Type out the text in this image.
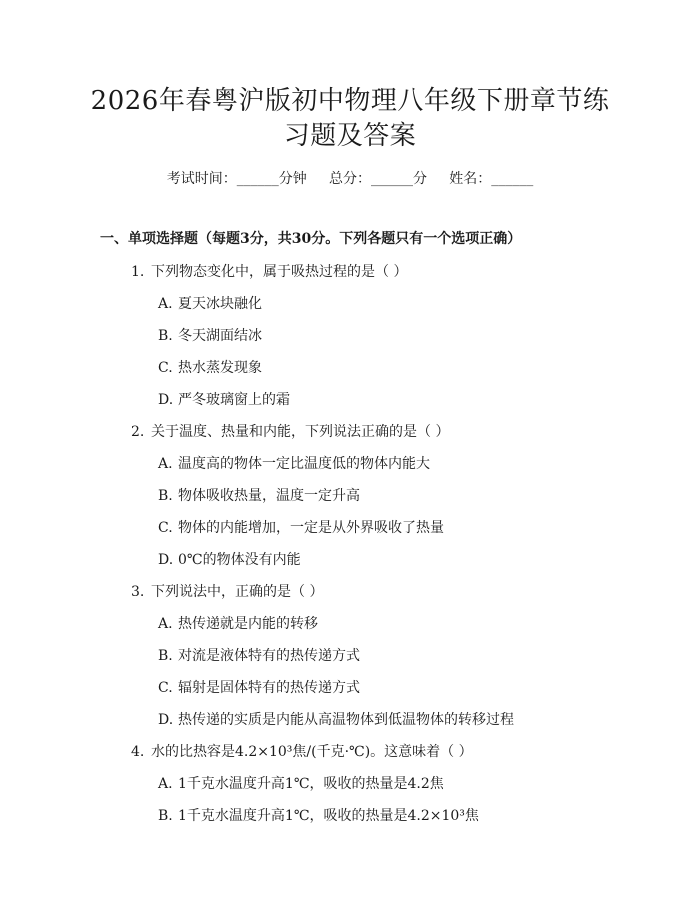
2026年春粤沪版初中物理八年级下册章节练
习题及答案
考试时间：______分钟     总分：______分     姓名：______
一、单项选择题（每题3分，共30分。下列各题只有一个选项正确）
1. 下列物态变化中，属于吸热过程的是（ ）
A. 夏天冰块融化
B. 冬天湖面结冰
C. 热水蒸发现象
D. 严冬玻璃窗上的霜
2. 关于温度、热量和内能，下列说法正确的是（ ）
A. 温度高的物体一定比温度低的物体内能大
B. 物体吸收热量，温度一定升高
C. 物体的内能增加，一定是从外界吸收了热量
D. 0℃的物体没有内能
3. 下列说法中，正确的是（ ）
A. 热传递就是内能的转移
B. 对流是液体特有的热传递方式
C. 辐射是固体特有的热传递方式
D. 热传递的实质是内能从高温物体到低温物体的转移过程
4. 水的比热容是4.2×10³焦/(千克·℃)。这意味着（ ）
A. 1千克水温度升高1℃，吸收的热量是4.2焦
B. 1千克水温度升高1℃，吸收的热量是4.2×10³焦
